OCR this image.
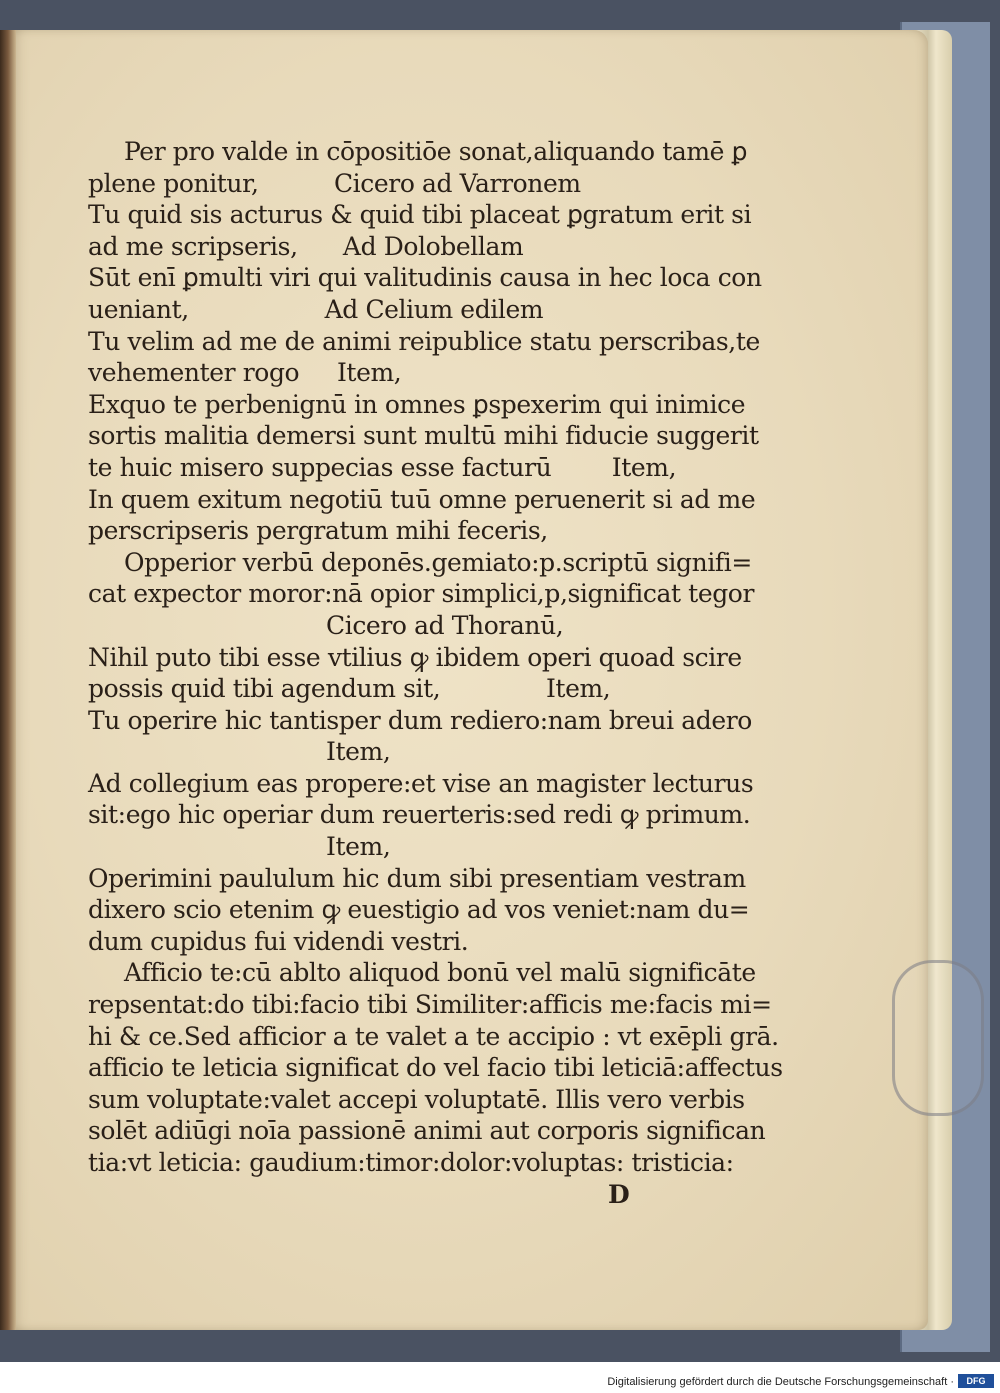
Per pro valde in cōpositiōe sonat,aliquando tamē ꝑ
plene ponitur,          Cicero ad Varronem
Tu quid sis acturus & quid tibi placeat ꝑgratum erit si
ad me scripseris,      Ad Dolobellam
Sūt enī ꝑmulti viri qui valitudinis causa in hec loca con
ueniant,                  Ad Celium edilem
Tu velim ad me de animi reipublice statu perscribas,te
vehementer rogo     Item,
Exquo te perbenignū in omnes ꝑspexerim qui inimice
sortis malitia demersi sunt multū mihi fiducie suggerit
te huic misero suppecias esse facturū        Item,
In quem exitum negotiū tuū omne peruenerit si ad me
perscripseris pergratum mihi feceris,
Opperior verbū deponēs.gemiato:p.scriptū signifi=
cat expector moror:nā opior simplici,p,significat tegor
Cicero ad Thoranū,
Nihil puto tibi esse vtilius ꝙ ibidem operi quoad scire
possis quid tibi agendum sit,              Item,
Tu operire hic tantisper dum rediero:nam breui adero
Item,
Ad collegium eas propere:et vise an magister lecturus
sit:ego hic operiar dum reuerteris:sed redi ꝙ primum.
Item,
Operimini paululum hic dum sibi presentiam vestram
dixero scio etenim ꝙ euestigio ad vos veniet:nam du=
dum cupidus fui videndi vestri.
Afficio te:cū ablto aliquod bonū vel malū significāte
repsentat:do tibi:facio tibi Similiter:afficis me:facis mi=
hi & ce.Sed afficior a te valet a te accipio : vt exēpli grā.
afficio te leticia significat do vel facio tibi leticiā:affectus
sum voluptate:valet accepi voluptatē. Illis vero verbis
solēt adiūgi noīa passionē animi aut corporis significan
tia:vt leticia: gaudium:timor:dolor:voluptas: tristicia:
D
Digitalisierung gefördert durch die Deutsche Forschungsgemeinschaft ·	DFG
